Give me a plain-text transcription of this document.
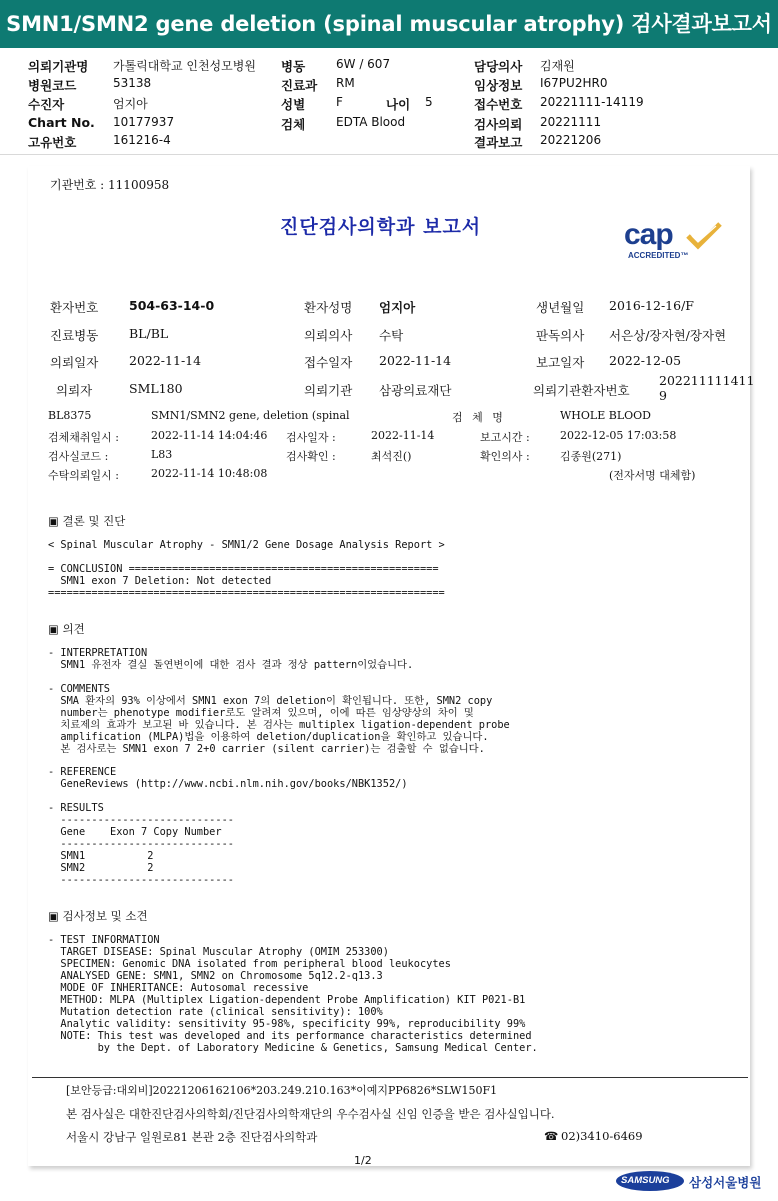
SMN1/SMN2 gene deletion (spinal muscular atrophy) 검사결과보고서
의뢰기관명 가톨릭대학교 인천성모병원 병동	6W / 607	담당의사 김재원
병원코드	53138	진료과 RM	임상정보 I67PU2HR0
수진자	엄지아	성별	F	나이 5	접수번호 20221111-14119
Chart No. 10177937	검체	EDTA Blood	검사의뢰 20221111
고유번호	161216-4	결과보고 20221206
기관번호 : 11100958
진단검사의학과 보고서	cap
ACCREDITED™
환자번호 504-63-14-0	환자성명 엄지아	생년월일 2016-12-16/F
진료병동 BL/BL	의뢰의사 수탁	판독의사 서은상/장자현/장자현
의뢰일자 2022-11-14	접수일자 2022-11-14	보고일자 2022-12-05
의뢰자	SML180	의뢰기관 삼광의료재단	의뢰기관환자번호
202211111411
9
BL8375	SMN1/SMN2 gene, deletion (spinal	검 체 명	WHOLE BLOOD
검체채취일시 :	2022-11-14 14:04:46 검사일자 :	2022-11-14	보고시간 :	2022-12-05 17:03:58
검사실코드 :	L83	검사확인 :	최석진()	확인의사 :	김종원(271)
수탁의뢰일시 :	2022-11-14 10:48:08	(전자서명 대체함)
▣ 결론 및 진단
< Spinal Muscular Atrophy - SMN1/2 Gene Dosage Analysis Report >
= CONCLUSION ==================================================
SMN1 exon 7 Deletion: Not detected
================================================================
▣ 의견
- INTERPRETATION
SMN1 유전자 결실 돌연변이에 대한 검사 결과 정상 pattern이었습니다.
- COMMENTS
SMA 환자의 93% 이상에서 SMN1 exon 7의 deletion이 확인됩니다. 또한, SMN2 copy
number는 phenotype modifier로도 알려져 있으며, 이에 따른 임상양상의 차이 및
치료제의 효과가 보고된 바 있습니다. 본 검사는 multiplex ligation-dependent probe
amplification (MLPA)법을 이용하여 deletion/duplication을 확인하고 있습니다.
본 검사로는 SMN1 exon 7 2+0 carrier (silent carrier)는 검출할 수 없습니다.
- REFERENCE
GeneReviews (http://www.ncbi.nlm.nih.gov/books/NBK1352/)
- RESULTS
----------------------------
Gene    Exon 7 Copy Number
----------------------------
SMN1          2
SMN2          2
----------------------------
▣ 검사정보 및 소견
- TEST INFORMATION
TARGET DISEASE: Spinal Muscular Atrophy (OMIM 253300)
SPECIMEN: Genomic DNA isolated from peripheral blood leukocytes
ANALYSED GENE: SMN1, SMN2 on Chromosome 5q12.2-q13.3
MODE OF INHERITANCE: Autosomal recessive
METHOD: MLPA (Multiplex Ligation-dependent Probe Amplification) KIT P021-B1
Mutation detection rate (clinical sensitivity): 100%
Analytic validity: sensitivity 95-98%, specificity 99%, reproducibility 99%
NOTE: This test was developed and its performance characteristics determined
by the Dept. of Laboratory Medicine & Genetics, Samsung Medical Center.
[보안등급:대외비]20221206162106*203.249.210.163*이예지PP6826*SLW150F1
본 검사실은 대한진단검사의학회/진단검사의학재단의 우수검사실 신임 인증을 받은 검사실입니다.
서울시 강남구 일원로81 본관 2층 진단검사의학과	☎ 02)3410-6469
1/2
SAMSUNG 삼성서울병원
